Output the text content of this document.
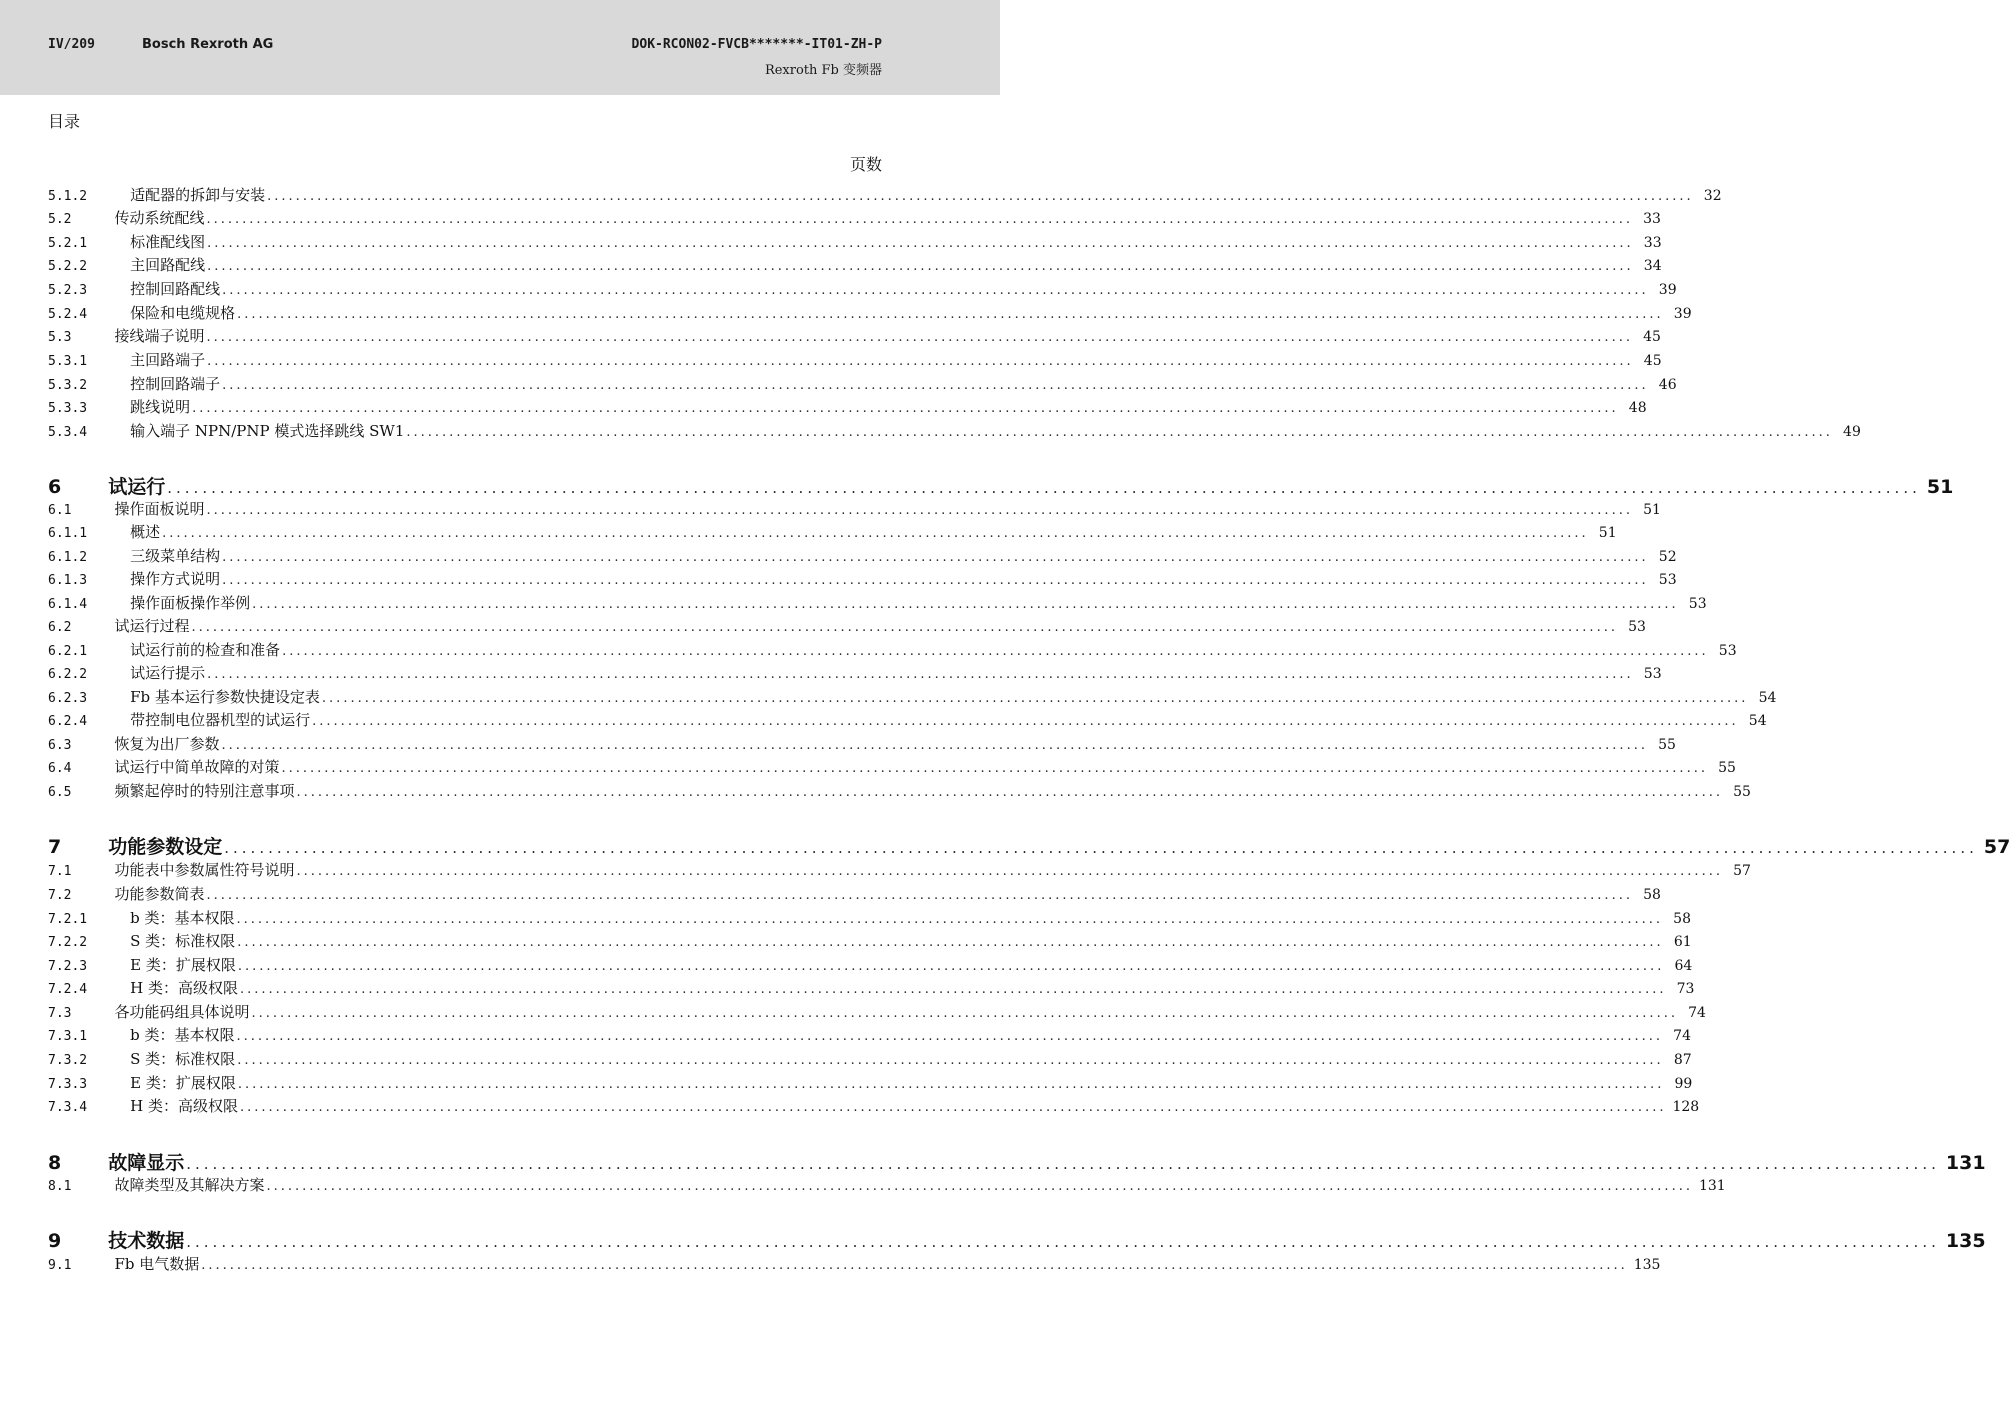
IV/209	Bosch Rexroth AG	DOK-RCON02-FVCB*******-IT01-ZH-P
Rexroth Fb 变频器
目录
页数
5.1.2	适配器的拆卸与安装 ........................................................................................................................................................................................................ 32
5.2	传动系统配线 ........................................................................................................................................................................................................ 33
5.2.1	标准配线图 ........................................................................................................................................................................................................ 33
5.2.2	主回路配线 ........................................................................................................................................................................................................ 34
5.2.3	控制回路配线 ........................................................................................................................................................................................................ 39
5.2.4	保险和电缆规格 ........................................................................................................................................................................................................ 39
5.3	接线端子说明 ........................................................................................................................................................................................................ 45
5.3.1	主回路端子 ........................................................................................................................................................................................................ 45
5.3.2	控制回路端子 ........................................................................................................................................................................................................ 46
5.3.3	跳线说明 ........................................................................................................................................................................................................ 48
5.3.4	输入端子 NPN/PNP 模式选择跳线 SW1 ........................................................................................................................................................................................................ 49
6 试运行 ........................................................................................................................................................................................................ 51
6.1	操作面板说明 ........................................................................................................................................................................................................ 51
6.1.1	概述 ........................................................................................................................................................................................................ 51
6.1.2	三级菜单结构 ........................................................................................................................................................................................................ 52
6.1.3	操作方式说明 ........................................................................................................................................................................................................ 53
6.1.4	操作面板操作举例 ........................................................................................................................................................................................................ 53
6.2	试运行过程 ........................................................................................................................................................................................................ 53
6.2.1	试运行前的检查和准备 ........................................................................................................................................................................................................ 53
6.2.2	试运行提示 ........................................................................................................................................................................................................ 53
6.2.3	Fb 基本运行参数快捷设定表 ........................................................................................................................................................................................................ 54
6.2.4	带控制电位器机型的试运行 ........................................................................................................................................................................................................ 54
6.3	恢复为出厂参数 ........................................................................................................................................................................................................ 55
6.4	试运行中简单故障的对策 ........................................................................................................................................................................................................ 55
6.5	频繁起停时的特别注意事项 ........................................................................................................................................................................................................ 55
7 功能参数设定 ........................................................................................................................................................................................................ 57
7.1	功能表中参数属性符号说明 ........................................................................................................................................................................................................ 57
7.2	功能参数简表 ........................................................................................................................................................................................................ 58
7.2.1	b 类：基本权限 ........................................................................................................................................................................................................ 58
7.2.2	S 类：标准权限 ........................................................................................................................................................................................................ 61
7.2.3	E 类：扩展权限 ........................................................................................................................................................................................................ 64
7.2.4	H 类：高级权限 ........................................................................................................................................................................................................ 73
7.3	各功能码组具体说明 ........................................................................................................................................................................................................ 74
7.3.1	b 类：基本权限 ........................................................................................................................................................................................................ 74
7.3.2	S 类：标准权限 ........................................................................................................................................................................................................ 87
7.3.3	E 类：扩展权限 ........................................................................................................................................................................................................ 99
7.3.4	H 类：高级权限 ........................................................................................................................................................................................................ 128
8 故障显示 ........................................................................................................................................................................................................ 131
8.1	故障类型及其解决方案 ........................................................................................................................................................................................................ 131
9 技术数据 ........................................................................................................................................................................................................ 135
9.1	Fb 电气数据 ........................................................................................................................................................................................................ 135
